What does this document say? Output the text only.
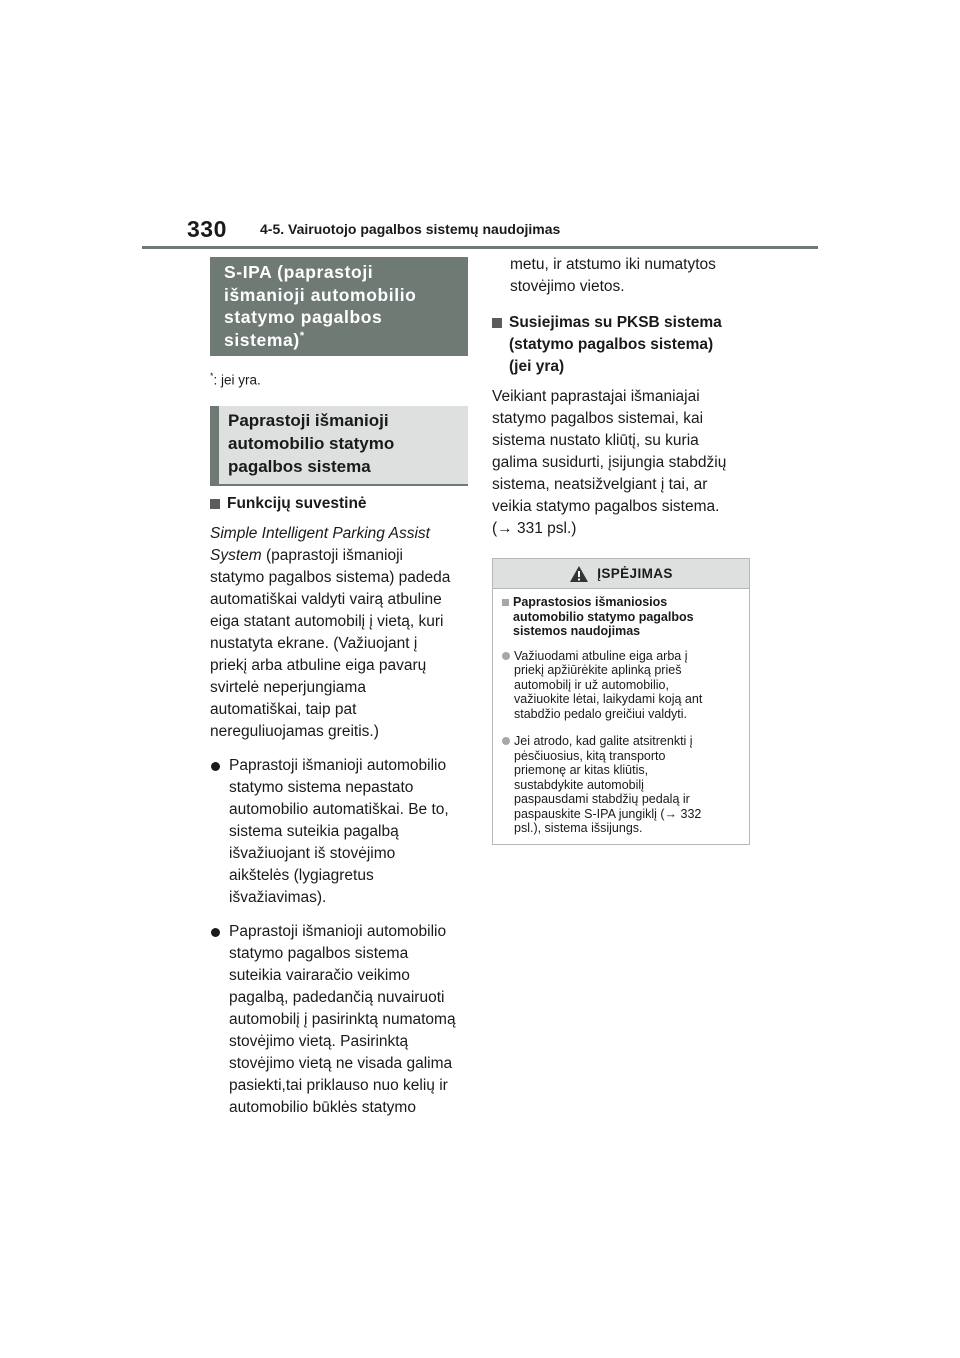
330 4-5. Vairuotojo pagalbos sistemų naudojimas
S-IPA (paprastoji
išmanioji automobilio
statymo pagalbos
sistema)*
*: jei yra.
Paprastoji išmanioji
automobilio statymo
pagalbos sistema
Funkcijų suvestinė
Simple Intelligent Parking Assist
System (paprastoji išmanioji
statymo pagalbos sistema) padeda
automatiškai valdyti vairą atbuline
eiga statant automobilį į vietą, kuri
nustatyta ekrane. (Važiuojant į
priekį arba atbuline eiga pavarų
svirtelė neperjungiama
automatiškai, taip pat
nereguliuojamas greitis.)
Paprastoji išmanioji automobilio
statymo sistema nepastato
automobilio automatiškai. Be to,
sistema suteikia pagalbą
išvažiuojant iš stovėjimo
aikštelės (lygiagretus
išvažiavimas).
Paprastoji išmanioji automobilio
statymo pagalbos sistema
suteikia vairaračio veikimo
pagalbą, padedančią nuvairuoti
automobilį į pasirinktą numatomą
stovėjimo vietą. Pasirinktą
stovėjimo vietą ne visada galima
pasiekti,tai priklauso nuo kelių ir
automobilio būklės statymo
metu, ir atstumo iki numatytos
stovėjimo vietos.
Susiejimas su PKSB sistema
(statymo pagalbos sistema)
(jei yra)
Veikiant paprastajai išmaniajai
statymo pagalbos sistemai, kai
sistema nustato kliūtį, su kuria
galima susidurti, įsijungia stabdžių
sistema, neatsižvelgiant į tai, ar
veikia statymo pagalbos sistema.
(→ 331 psl.)
ĮSPĖJIMAS
Paprastosios išmaniosios
automobilio statymo pagalbos
sistemos naudojimas
Važiuodami atbuline eiga arba į
priekį apžiūrėkite aplinką prieš
automobilį ir už automobilio,
važiuokite lėtai, laikydami koją ant
stabdžio pedalo greičiui valdyti.
Jei atrodo, kad galite atsitrenkti į
pėsčiuosius, kitą transporto
priemonę ar kitas kliūtis,
sustabdykite automobilį
paspausdami stabdžių pedalą ir
paspauskite S-IPA jungiklį (→ 332
psl.), sistema išsijungs.
